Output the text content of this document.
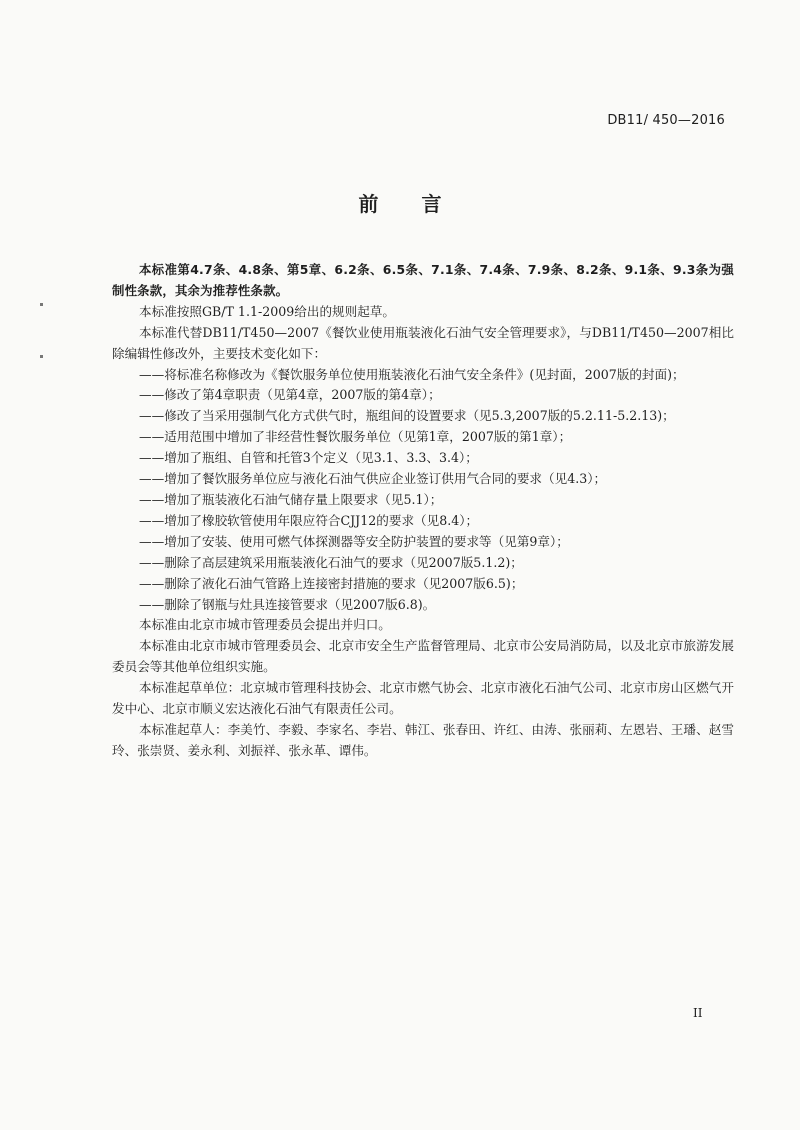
DB11/ 450—2016
前 言

本标准第4.7条、4.8条、第5章、6.2条、6.5条、7.1条、7.4条、7.9条、8.2条、9.1条、9.3条为强制性条款，其余为推荐性条款。

本标准按照GB/T 1.1-2009给出的规则起草。

本标准代替DB11/T450—2007《餐饮业使用瓶装液化石油气安全管理要求》，与DB11/T450—2007相比除编辑性修改外，主要技术变化如下：

——将标准名称修改为《餐饮服务单位使用瓶装液化石油气安全条件》(见封面，2007版的封面)；

——修改了第4章职责（见第4章，2007版的第4章）；

——修改了当采用强制气化方式供气时，瓶组间的设置要求（见5.3,2007版的5.2.11-5.2.13)；

——适用范围中增加了非经营性餐饮服务单位（见第1章，2007版的第1章）；

——增加了瓶组、自管和托管3个定义（见3.1、3.3、3.4）；

——增加了餐饮服务单位应与液化石油气供应企业签订供用气合同的要求（见4.3）；

——增加了瓶装液化石油气储存量上限要求（见5.1）；

——增加了橡胶软管使用年限应符合CJJ12的要求（见8.4）；

——增加了安装、使用可燃气体探测器等安全防护装置的要求等（见第9章）；

——删除了高层建筑采用瓶装液化石油气的要求（见2007版5.1.2)；

——删除了液化石油气管路上连接密封措施的要求（见2007版6.5)；

——删除了钢瓶与灶具连接管要求（见2007版6.8)。

本标准由北京市城市管理委员会提出并归口。

本标准由北京市城市管理委员会、北京市安全生产监督管理局、北京市公安局消防局，以及北京市旅游发展委员会等其他单位组织实施。

本标准起草单位：北京城市管理科技协会、北京市燃气协会、北京市液化石油气公司、北京市房山区燃气开发中心、北京市顺义宏达液化石油气有限责任公司。

本标准起草人：李美竹、李毅、李家名、李岩、韩江、张春田、许红、由涛、张丽莉、左恩岩、王璠、赵雪玲、张崇贤、姜永利、刘振祥、张永革、谭伟。

II
